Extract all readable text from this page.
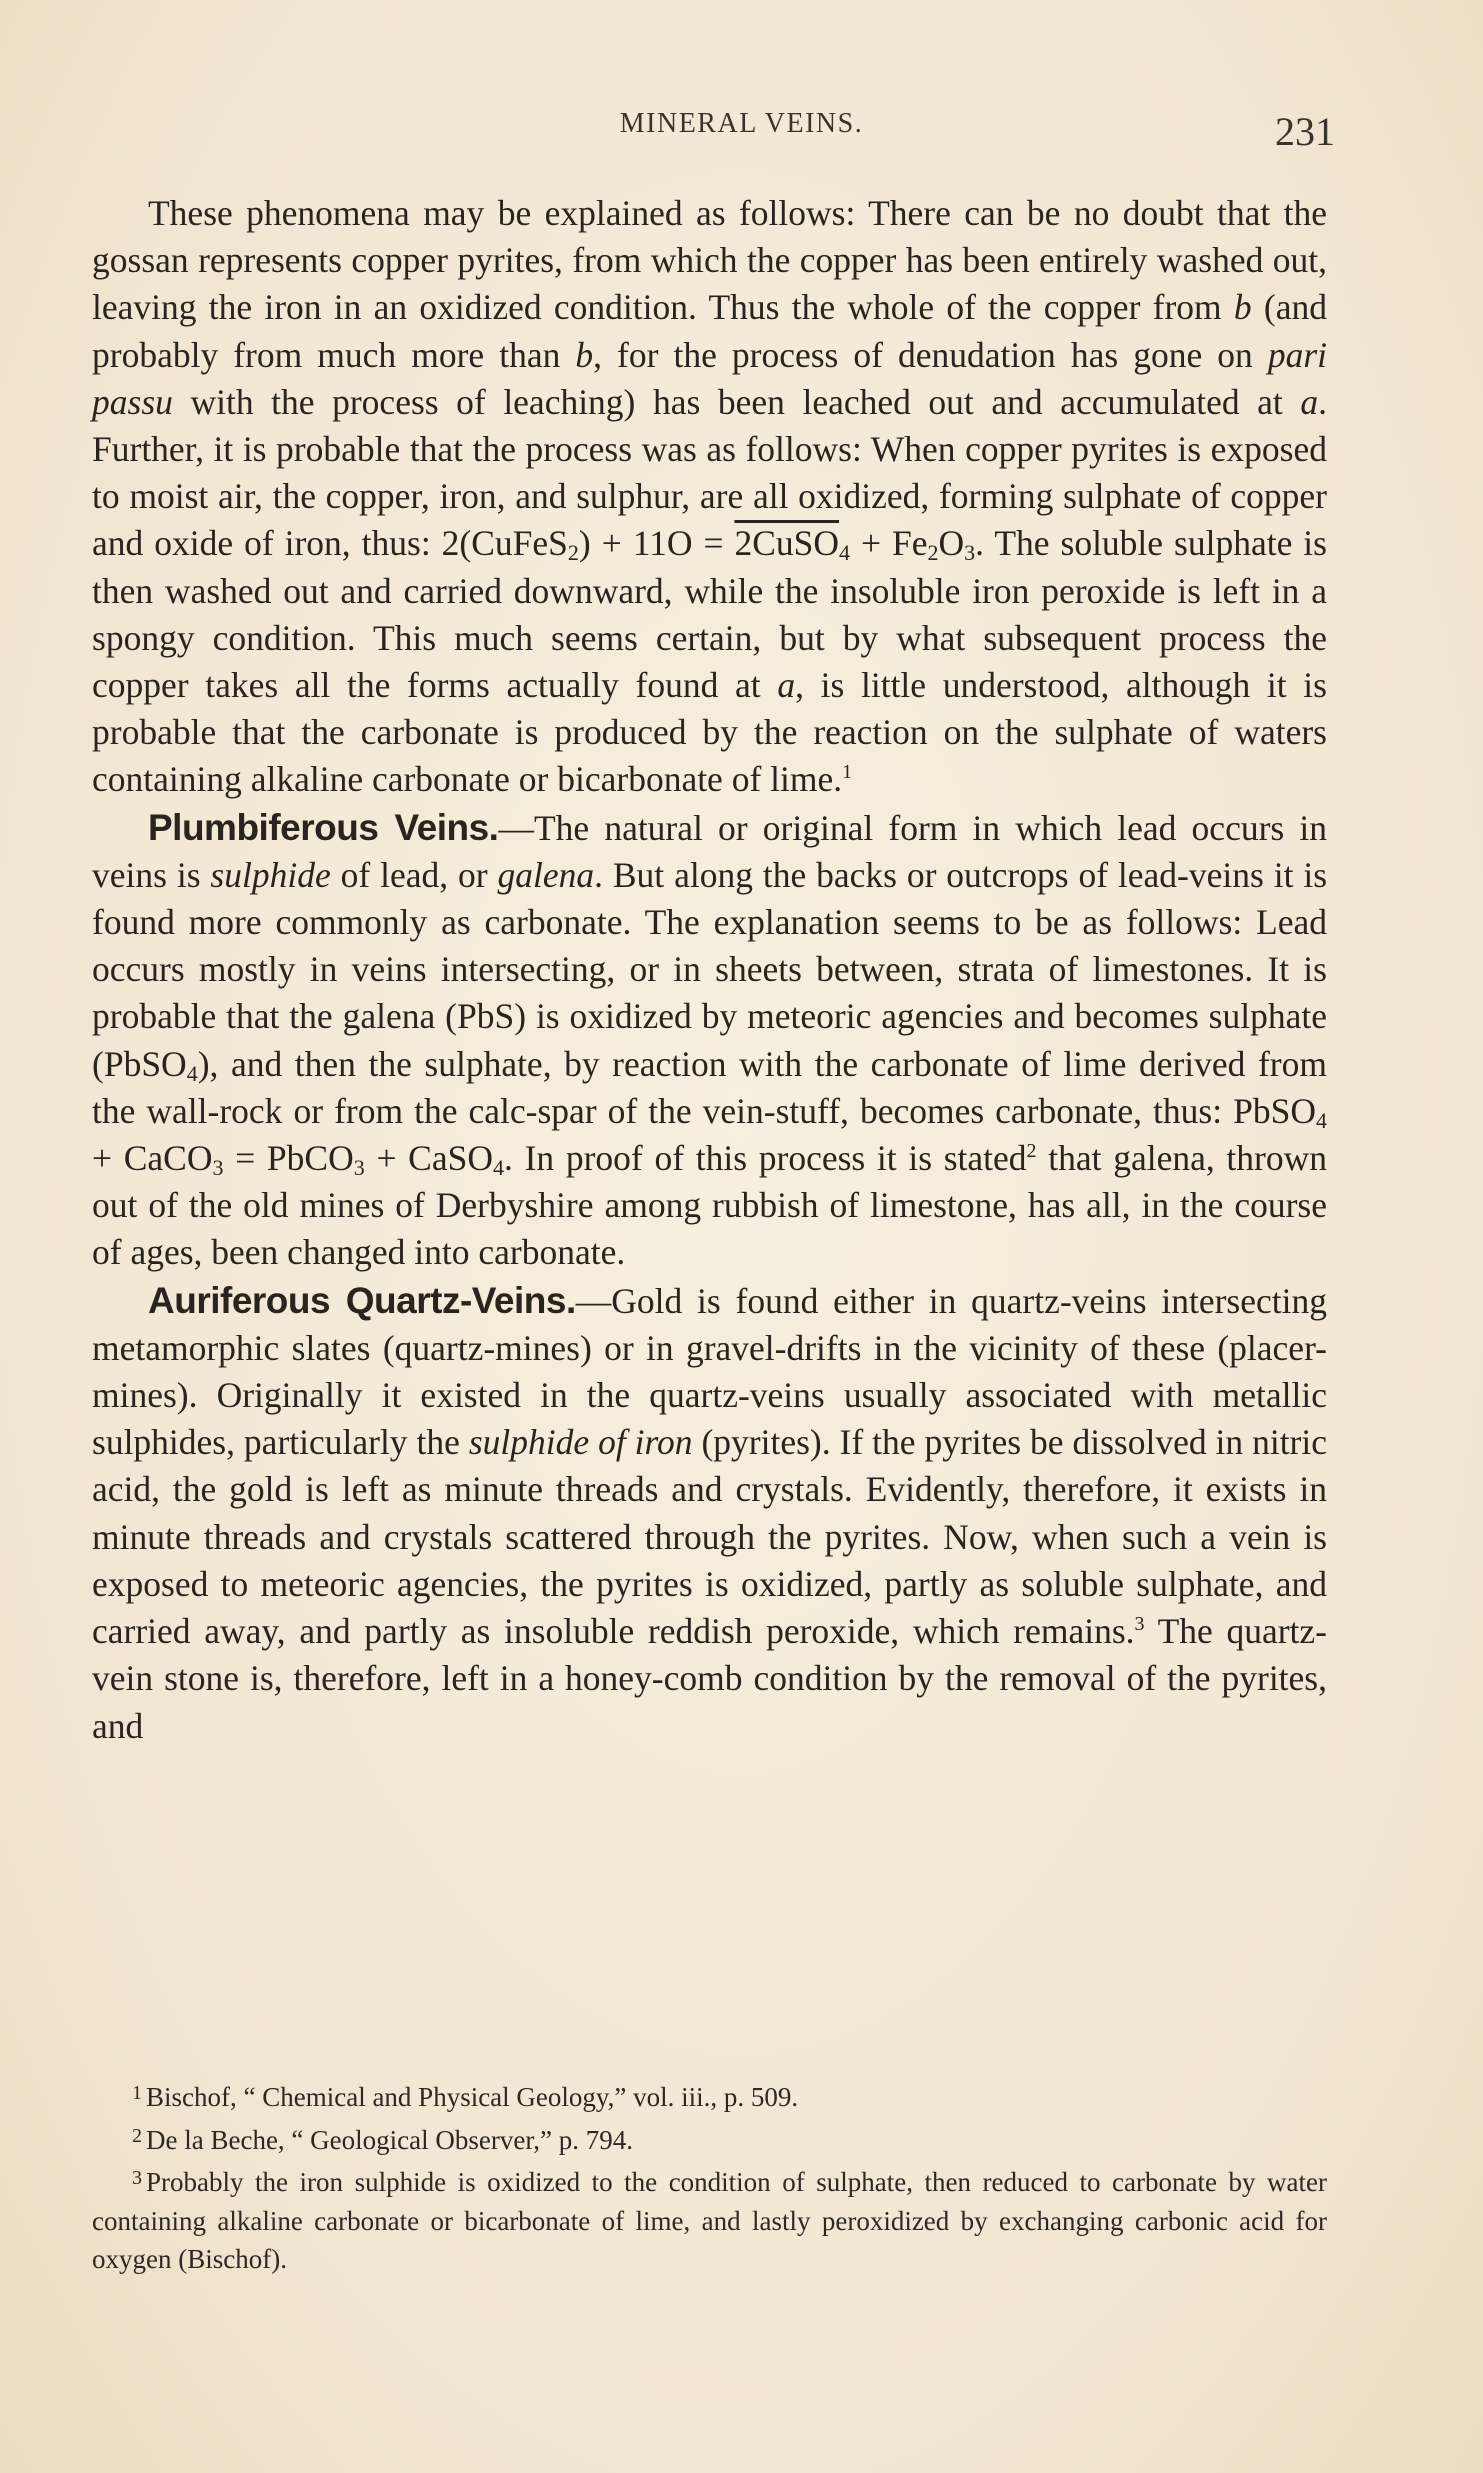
MINERAL VEINS.	231

These phenomena may be explained as follows: There can be no doubt that the gossan represents copper pyrites, from which the copper has been entirely washed out, leaving the iron in an oxidized condition. Thus the whole of the copper from b (and probably from much more than b, for the process of denudation has gone on pari passu with the process of leaching) has been leached out and accumulated at a. Further, it is probable that the process was as follows: When copper pyrites is exposed to moist air, the copper, iron, and sulphur, are all oxidized, forming sulphate of copper and oxide of iron, thus: 2(CuFeS$_2$) + 11O = 2CuSO$_4$ + $Fe_2O_3$. The soluble sulphate is then washed out and carried downward, while the insoluble iron peroxide is left in a spongy condition. This much seems certain, but by what subsequent process the copper takes all the forms actually found at a, is little understood, although it is probable that the carbonate is produced by the reaction on the sulphate of waters containing alkaline carbonate or bicarbonate of lime.$^1$

Plumbiferous Veins.—The natural or original form in which lead occurs in veins is sulphide of lead, or galena. But along the backs or outcrops of lead-veins it is found more commonly as carbonate. The explanation seems to be as follows: Lead occurs mostly in veins intersecting, or in sheets between, strata of limestones. It is probable that the galena (PbS) is oxidized by meteoric agencies and becomes sulphate (PbSO$_4$), and then the sulphate, by reaction with the carbonate of lime derived from the wall-rock or from the calc-spar of the vein-stuff, becomes carbonate, thus: PbSO$_4$ + CaCO$_3$ = PbCO$_3$ + CaSO$_4$. In proof of this process it is stated$^2$ that galena, thrown out of the old mines of Derbyshire among rubbish of limestone, has all, in the course of ages, been changed into carbonate.

Auriferous Quartz-Veins.—Gold is found either in quartz-veins intersecting metamorphic slates (quartz-mines) or in gravel-drifts in the vicinity of these (placer-mines). Originally it existed in the quartz-veins usually associated with metallic sulphides, particularly the sulphide of iron (pyrites). If the pyrites be dissolved in nitric acid, the gold is left as minute threads and crystals. Evidently, therefore, it exists in minute threads and crystals scattered through the pyrites. Now, when such a vein is exposed to meteoric agencies, the pyrites is oxidized, partly as soluble sulphate, and carried away, and partly as insoluble reddish peroxide, which remains.$^3$ The quartz-vein stone is, therefore, left in a honey-comb condition by the removal of the pyrites, and

$^1$ Bischof, “ Chemical and Physical Geology,” vol. iii., p. 509.

$^2$ De la Beche, “ Geological Observer,” p. 794.

$^3$ Probably the iron sulphide is oxidized to the condition of sulphate, then reduced to carbonate by water containing alkaline carbonate or bicarbonate of lime, and lastly peroxidized by exchanging carbonic acid for oxygen (Bischof).
